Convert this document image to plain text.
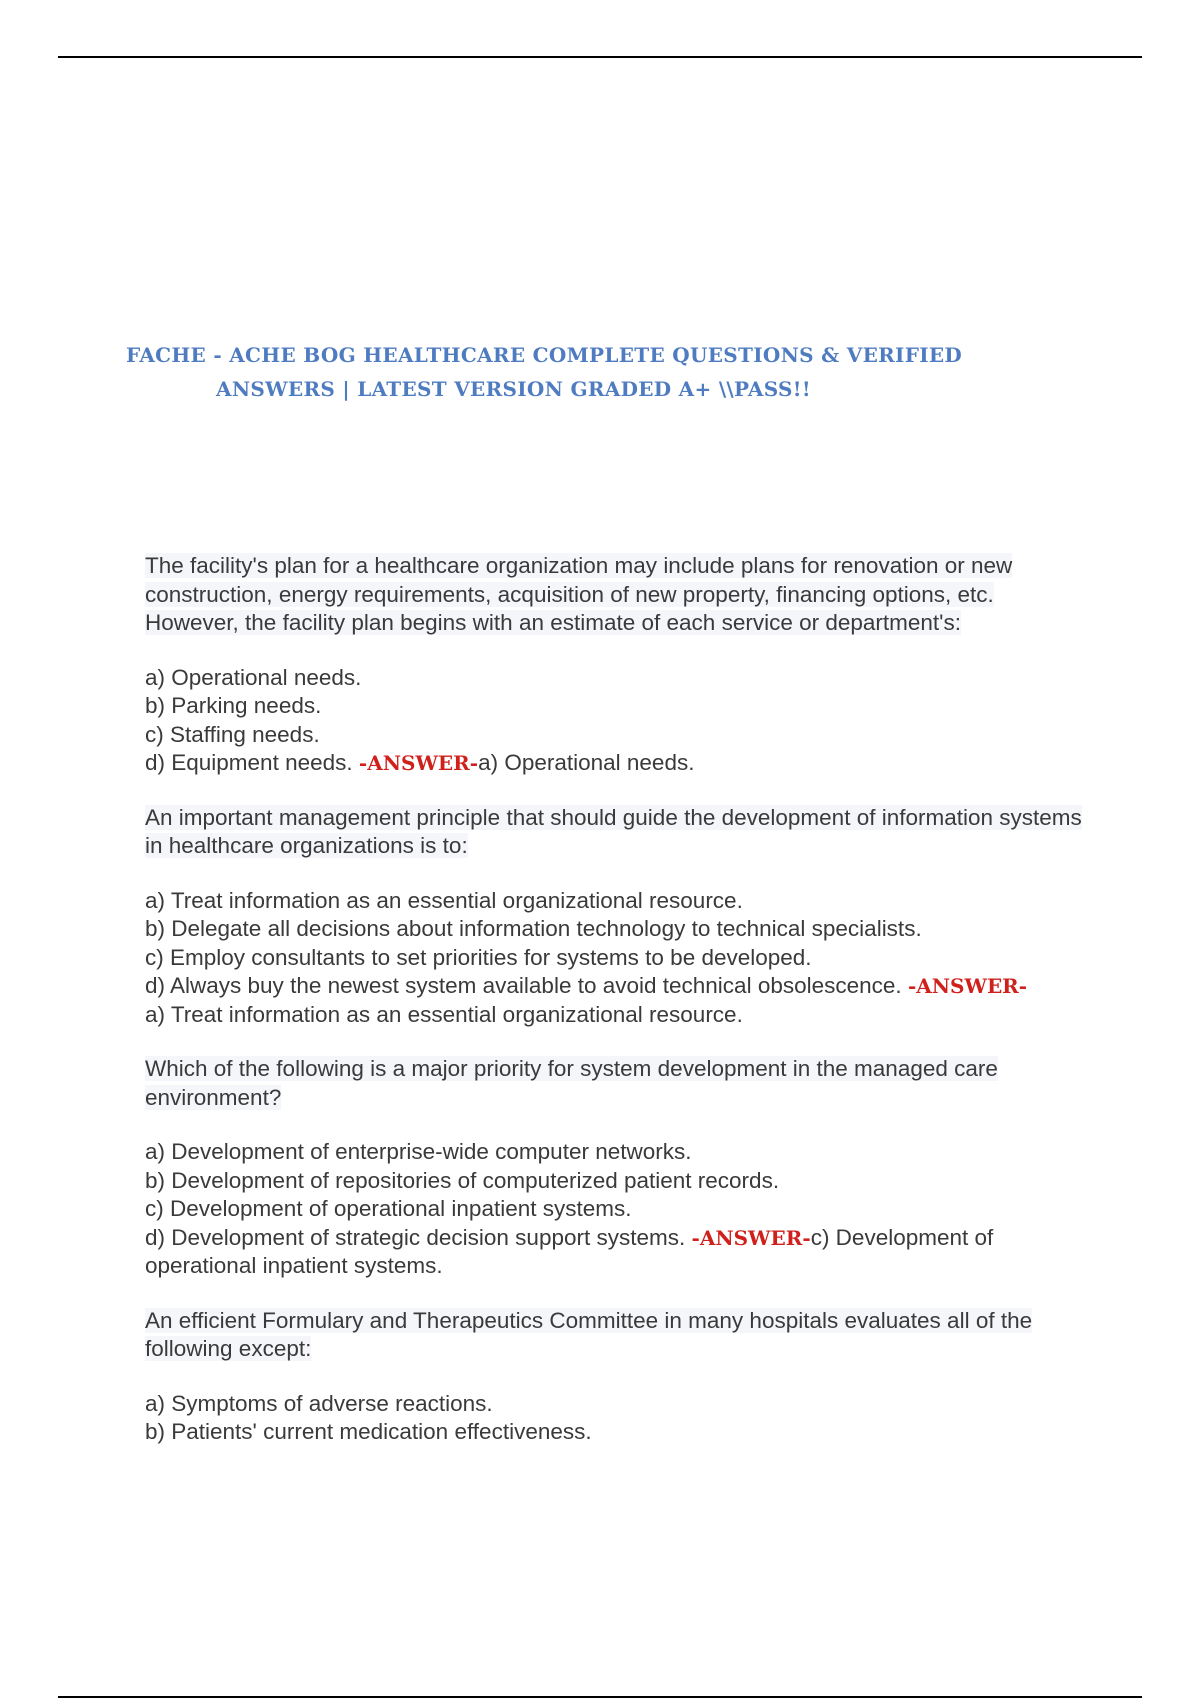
FACHE - ACHE BOG HEALTHCARE COMPLETE QUESTIONS & VERIFIED
ANSWERS | LATEST VERSION GRADED A+ \\PASS!!
The facility's plan for a healthcare organization may include plans for renovation or new construction, energy requirements, acquisition of new property, financing options, etc. However, the facility plan begins with an estimate of each service or department's:
a) Operational needs.
b) Parking needs.
c) Staffing needs.
d) Equipment needs. -ANSWER-a) Operational needs.
An important management principle that should guide the development of information systems in healthcare organizations is to:
a) Treat information as an essential organizational resource.
b) Delegate all decisions about information technology to technical specialists.
c) Employ consultants to set priorities for systems to be developed.
d) Always buy the newest system available to avoid technical obsolescence. -ANSWER-
a) Treat information as an essential organizational resource.
Which of the following is a major priority for system development in the managed care environment?
a) Development of enterprise-wide computer networks.
b) Development of repositories of computerized patient records.
c) Development of operational inpatient systems.
d) Development of strategic decision support systems. -ANSWER-c) Development of operational inpatient systems.
An efficient Formulary and Therapeutics Committee in many hospitals evaluates all of the following except:
a) Symptoms of adverse reactions.
b) Patients' current medication effectiveness.
